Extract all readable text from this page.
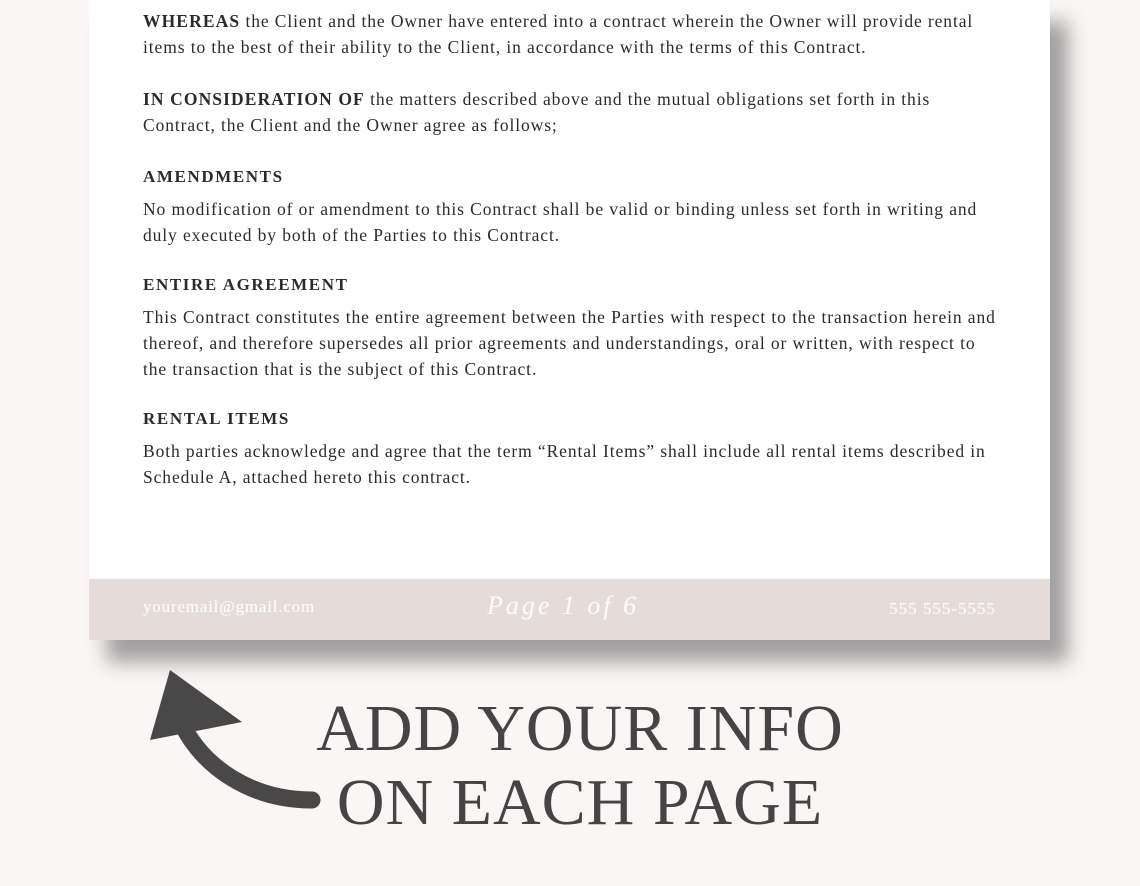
WHEREAS the Client and the Owner have entered into a contract wherein the Owner will provide rental items to the best of their ability to the Client, in accordance with the terms of this Contract.

IN CONSIDERATION OF the matters described above and the mutual obligations set forth in this Contract, the Client and the Owner agree as follows;

AMENDMENTS

No modification of or amendment to this Contract shall be valid or binding unless set forth in writing and duly executed by both of the Parties to this Contract.

ENTIRE AGREEMENT

This Contract constitutes the entire agreement between the Parties with respect to the transaction herein and thereof, and therefore supersedes all prior agreements and understandings, oral or written, with respect to the transaction that is the subject of this Contract.

RENTAL ITEMS

Both parties acknowledge and agree that the term “Rental Items” shall include all rental items described in Schedule A, attached hereto this contract.

youremail@gmail.com	Page 1 of 6	555 555-5555
ADD YOUR INFO
ON EACH PAGE
